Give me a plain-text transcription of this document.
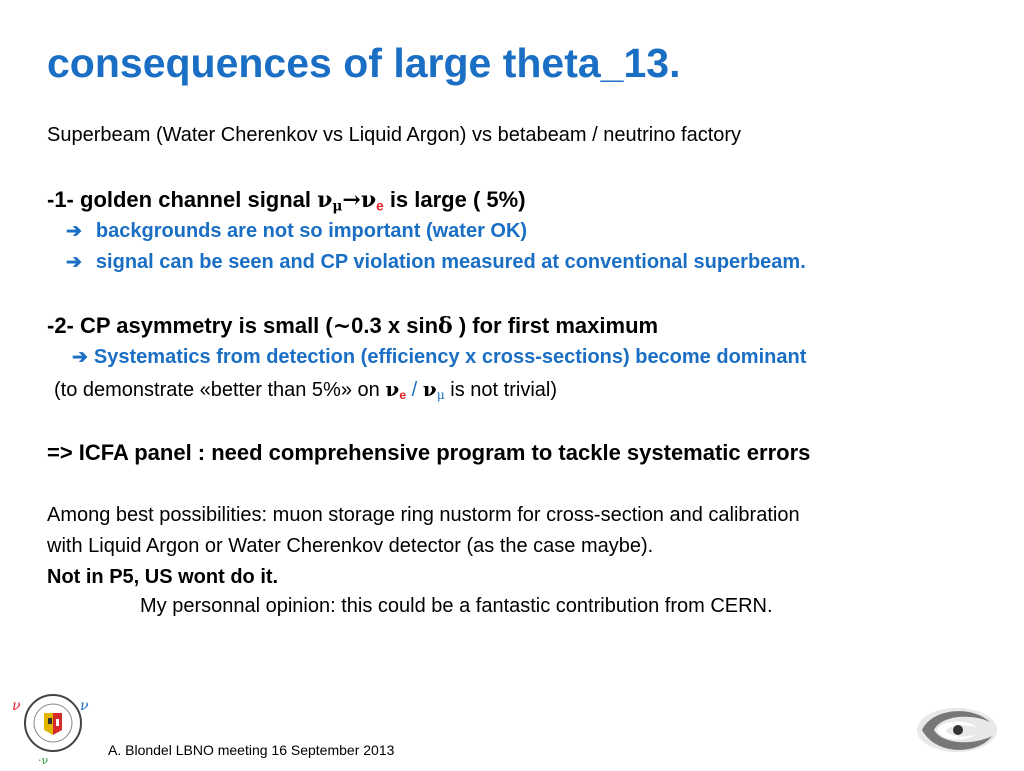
consequences of large theta_13.
Superbeam (Water Cherenkov vs Liquid Argon) vs betabeam / neutrino factory
-1- golden channel signal $\nu_\mu\to\nu_e$ is large ( 5%)
➔ backgrounds are not so important (water OK)
➔ signal can be seen and CP violation measured at conventional superbeam.
-2- CP asymmetry is small (~0.3 x sinδ ) for first maximum
➔ Systematics from detection (efficiency x cross-sections) become dominant
(to demonstrate «better than 5%» on $\nu_e / \nu_\mu$ is not trivial)
=> ICFA panel : need comprehensive program to tackle systematic errors
Among best possibilities: muon storage ring nustorm for cross-section and calibration
with Liquid Argon or Water Cherenkov detector (as the case maybe).
Not in P5, US wont do it.
My personnal opinion: this could be a fantastic contribution from CERN.
ν	ν
·ν
A. Blondel LBNO meeting 16 September 2013
